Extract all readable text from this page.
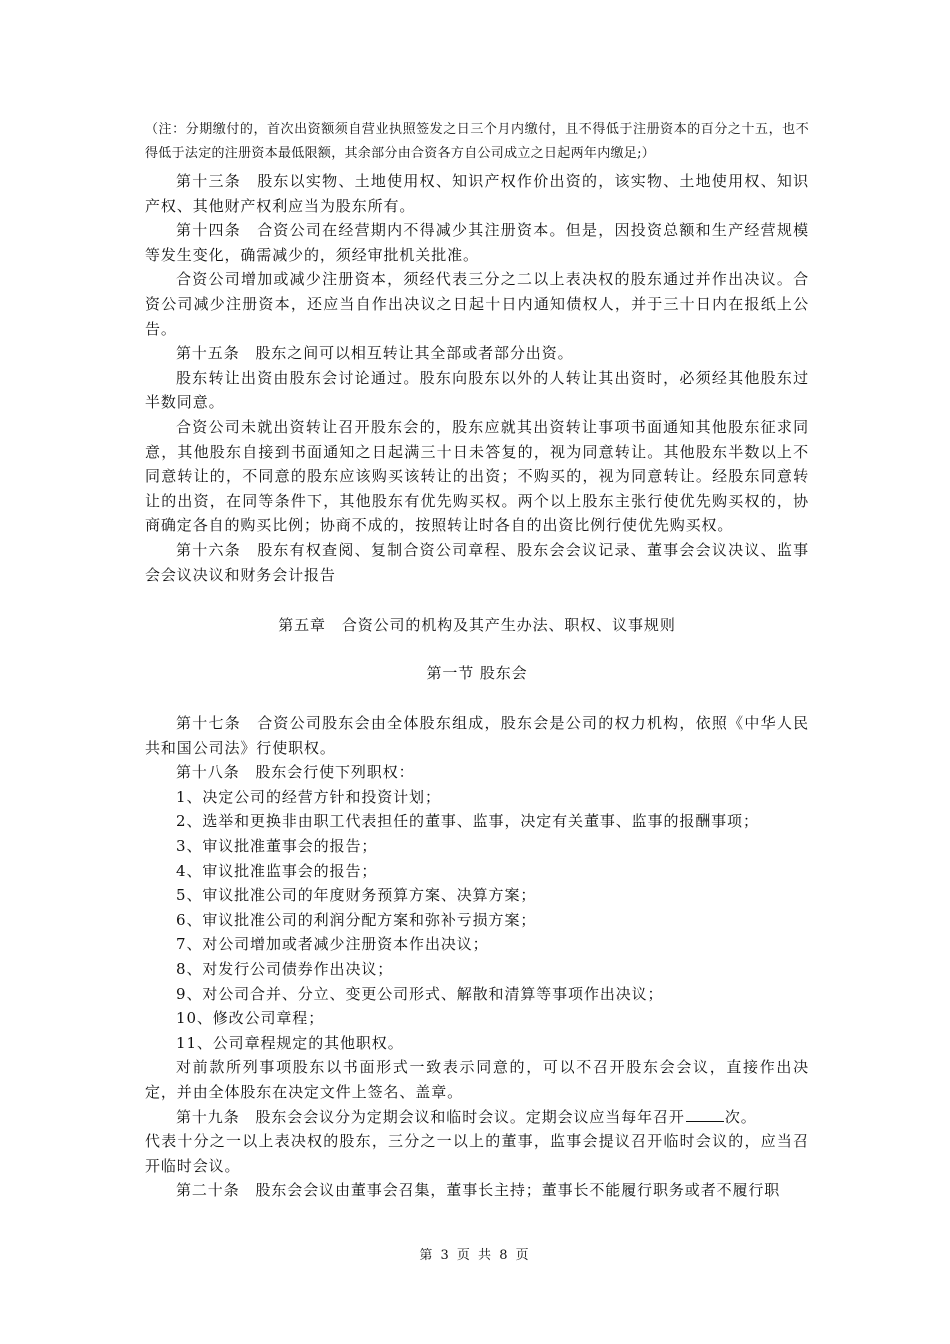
（注：分期缴付的，首次出资额须自营业执照签发之日三个月内缴付，且不得低于注册资本的百分之十五，也不得低于法定的注册资本最低限额，其余部分由合资各方自公司成立之日起两年内缴足;）

第十三条　股东以实物、土地使用权、知识产权作价出资的，该实物、土地使用权、知识产权、其他财产权利应当为股东所有。

第十四条　合资公司在经营期内不得减少其注册资本。但是，因投资总额和生产经营规模等发生变化，确需减少的，须经审批机关批准。

合资公司增加或减少注册资本，须经代表三分之二以上表决权的股东通过并作出决议。合资公司减少注册资本，还应当自作出决议之日起十日内通知债权人，并于三十日内在报纸上公告。

第十五条　股东之间可以相互转让其全部或者部分出资。

股东转让出资由股东会讨论通过。股东向股东以外的人转让其出资时，必须经其他股东过半数同意。

合资公司未就出资转让召开股东会的，股东应就其出资转让事项书面通知其他股东征求同意，其他股东自接到书面通知之日起满三十日未答复的，视为同意转让。其他股东半数以上不同意转让的，不同意的股东应该购买该转让的出资；不购买的，视为同意转让。经股东同意转让的出资，在同等条件下，其他股东有优先购买权。两个以上股东主张行使优先购买权的，协商确定各自的购买比例；协商不成的，按照转让时各自的出资比例行使优先购买权。

第十六条　股东有权查阅、复制合资公司章程、股东会会议记录、董事会会议决议、监事会会议决议和财务会计报告

第五章　合资公司的机构及其产生办法、职权、议事规则

第一节 股东会

第十七条　合资公司股东会由全体股东组成，股东会是公司的权力机构，依照《中华人民共和国公司法》行使职权。

第十八条　股东会行使下列职权：

1、决定公司的经营方针和投资计划；

2、选举和更换非由职工代表担任的董事、监事，决定有关董事、监事的报酬事项；

3、审议批准董事会的报告；

4、审议批准监事会的报告；

5、审议批准公司的年度财务预算方案、决算方案；

6、审议批准公司的利润分配方案和弥补亏损方案；

7、对公司增加或者减少注册资本作出决议；

8、对发行公司债券作出决议；

9、对公司合并、分立、变更公司形式、解散和清算等事项作出决议；

10、修改公司章程；

11、公司章程规定的其他职权。

对前款所列事项股东以书面形式一致表示同意的，可以不召开股东会会议，直接作出决定，并由全体股东在决定文件上签名、盖章。

第十九条　股东会会议分为定期会议和临时会议。定期会议应当每年召开	次。

代表十分之一以上表决权的股东，三分之一以上的董事，监事会提议召开临时会议的，应当召开临时会议。

第二十条　股东会会议由董事会召集，董事长主持；董事长不能履行职务或者不履行职

第 3 页 共 8 页
